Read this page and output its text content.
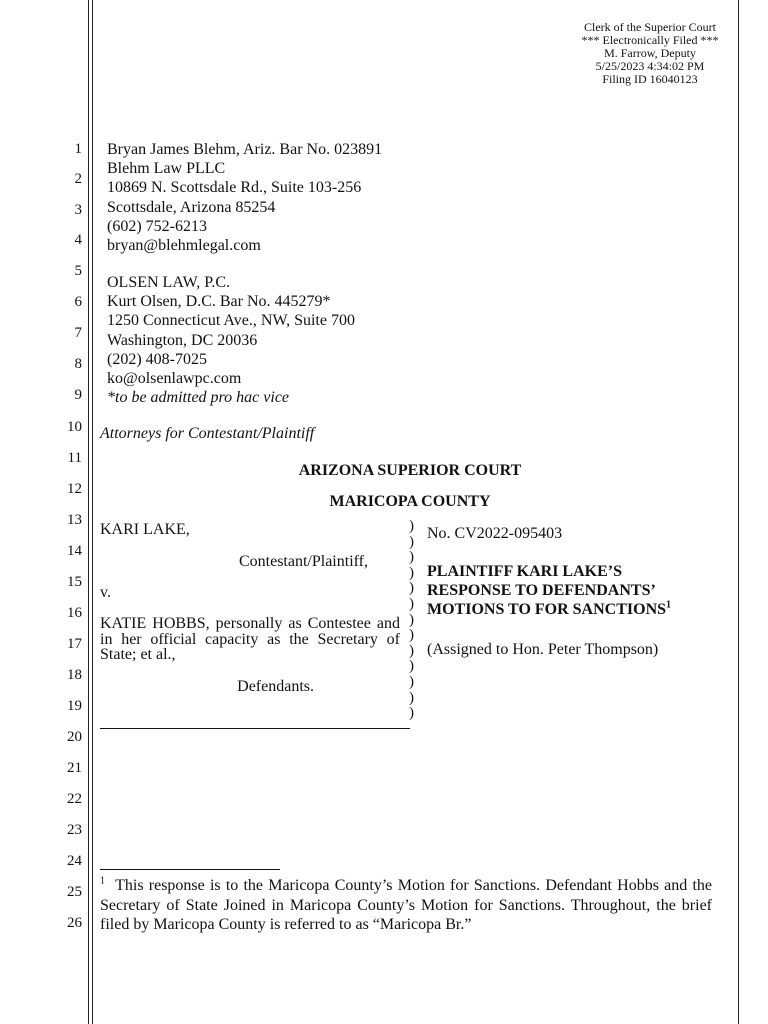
1
2
3
4
5
6
7
8
9
10
11
12
13
14
15
16
17
18
19
20
21
22
23
24
25
26
Clerk of the Superior Court
*** Electronically Filed ***
M. Farrow, Deputy
5/25/2023 4:34:02 PM
Filing ID 16040123
Bryan James Blehm, Ariz. Bar No. 023891
Blehm Law PLLC
10869 N. Scottsdale Rd., Suite 103-256
Scottsdale, Arizona 85254
(602) 752-6213
bryan@blehmlegal.com
OLSEN LAW, P.C.
Kurt Olsen, D.C. Bar No. 445279*
1250 Connecticut Ave., NW, Suite 700
Washington, DC 20036
(202) 408-7025
ko@olsenlawpc.com
*to be admitted pro hac vice
Attorneys for Contestant/Plaintiff
ARIZONA SUPERIOR COURT
MARICOPA COUNTY
KARI LAKE,
Contestant/Plaintiff,
v.
KATIE HOBBS, personally as Contestee and
in her official capacity as the Secretary of
State; et al.,
Defendants.
)
)
)
)
)
)
)
)
)
)
)
)
)
No. CV2022-095403
PLAINTIFF KARI LAKE’S
RESPONSE TO DEFENDANTS’
MOTIONS TO FOR SANCTIONS$^1$
(Assigned to Hon. Peter Thompson)
$^1$ This response is to the Maricopa County’s Motion for Sanctions. Defendant Hobbs and the Secretary of State Joined in Maricopa County’s Motion for Sanctions. Throughout, the brief filed by Maricopa County is referred to as “Maricopa Br.”
